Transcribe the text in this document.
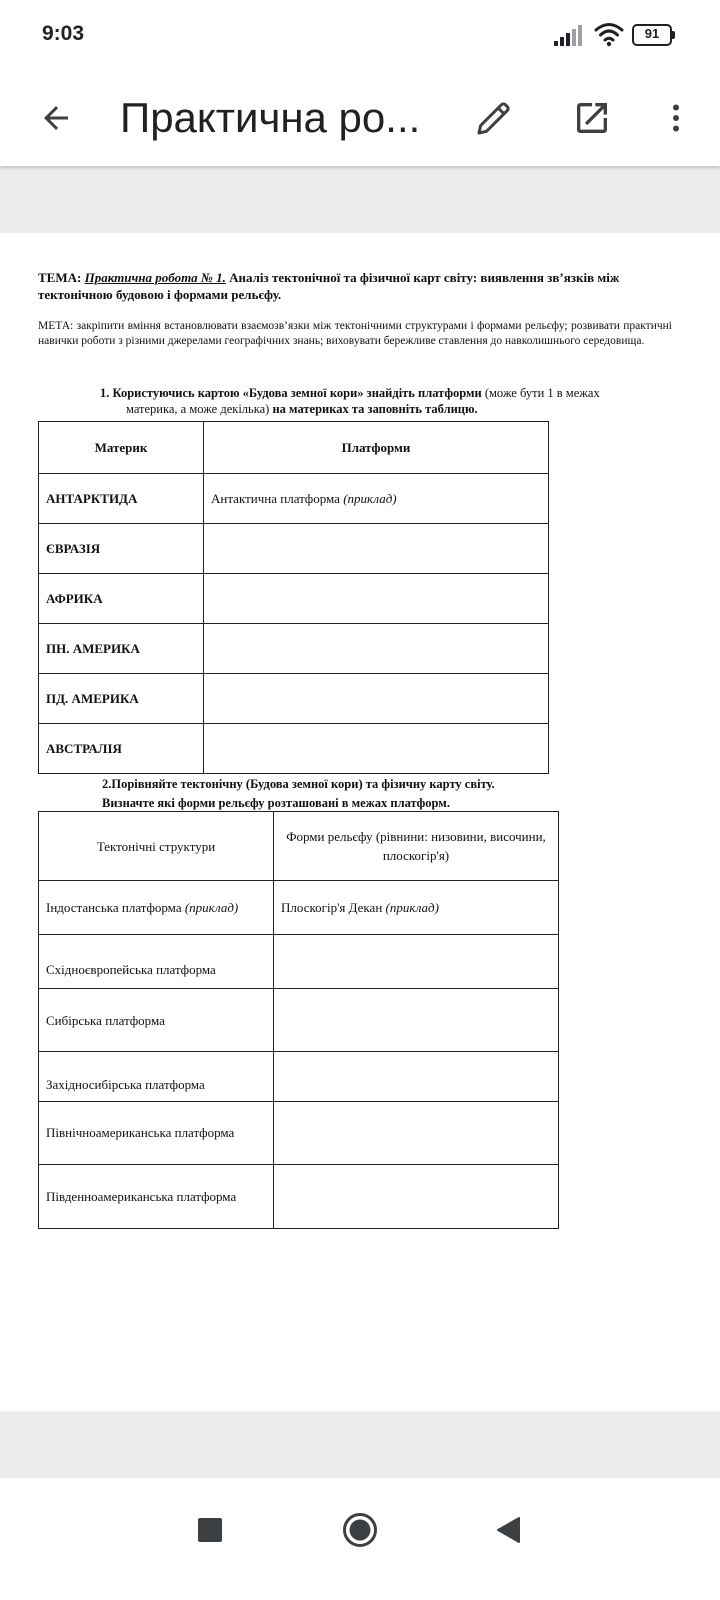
9:03	91
Практична ро...
ТЕМА: Практична робота № 1. Аналіз тектонічної та фізичної карт світу: виявлення зв’язків між тектонічною будовою і формами рельєфу.
МЕТА: закріпити вміння встановлювати взаємозв’язки між тектонічними структурами і формами рельєфу; розвивати практичні навички роботи з різними джерелами географічних знань; виховувати бережливе ставлення до навколишнього середовища.
1. Користуючись картою «Будова земної кори» знайдіть платформи (може бути 1 в межах
материка, а може декілька) на материках та заповніть таблицю.
Материк	Платформи
АНТАРКТИДА	Антактична платформа (приклад)
ЄВРАЗІЯ	
АФРИКА	
ПН. АМЕРИКА	
ПД. АМЕРИКА	
АВСТРАЛІЯ	
2.Порівняйте тектонічну (Будова земної кори) та фізичну карту світу.
Визначте які форми рельєфу розташовані в межах платформ.
Тектонічні структури	Форми рельєфу (рівнини: низовини, височини, плоскогір'я)
Індостанська платформа (приклад)	Плоскогір'я Декан (приклад)
Східноєвропейська платформа	
Сибірська платформа	
Західносибірська платформа	
Північноамериканська платформа	
Південноамериканська платформа	
